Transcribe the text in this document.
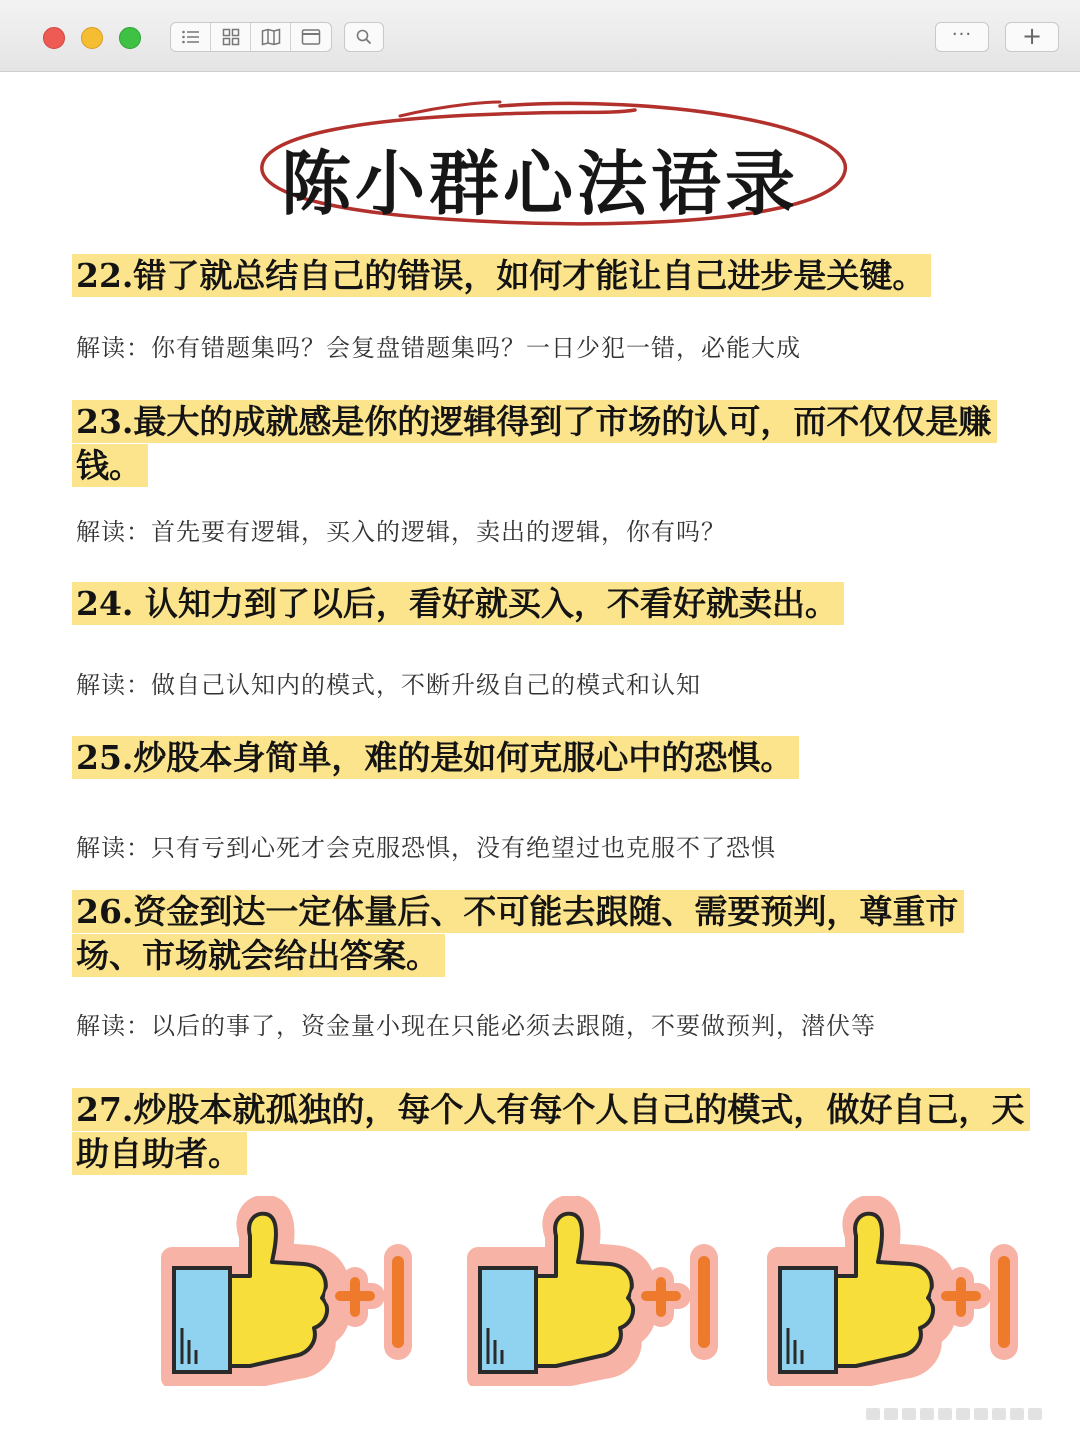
···	+
陈小群心法语录
22.错了就总结自己的错误，如何才能让自己进步是关键。
解读：你有错题集吗？会复盘错题集吗？一日少犯一错，必能大成
23.最大的成就感是你的逻辑得到了市场的认可，而不仅仅是赚钱。
解读：首先要有逻辑，买入的逻辑，卖出的逻辑，你有吗？
24. 认知力到了以后，看好就买入，不看好就卖出。
解读：做自己认知内的模式，不断升级自己的模式和认知
25.炒股本身简单，难的是如何克服心中的恐惧。
解读：只有亏到心死才会克服恐惧，没有绝望过也克服不了恐惧
26.资金到达一定体量后、不可能去跟随、需要预判，尊重市场、市场就会给出答案。
解读：以后的事了，资金量小现在只能必须去跟随，不要做预判，潜伏等
27.炒股本就孤独的，每个人有每个人自己的模式，做好自己，天助自助者。
